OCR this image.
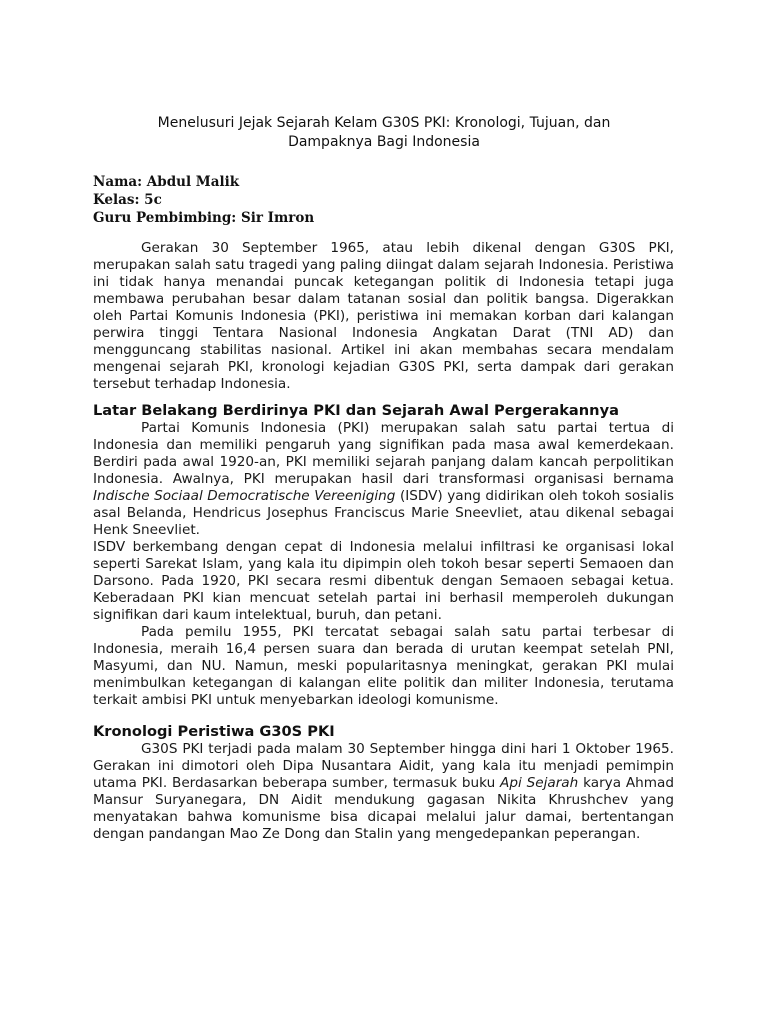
Menelusuri Jejak Sejarah Kelam G30S PKI: Kronologi, Tujuan, dan
Dampaknya Bagi Indonesia
Nama: Abdul Malik
Kelas: 5c
Guru Pembimbing: Sir Imron

Gerakan 30 September 1965, atau lebih dikenal dengan G30S PKI, merupakan salah satu tragedi yang paling diingat dalam sejarah Indonesia. Peristiwa ini tidak hanya menandai puncak ketegangan politik di Indonesia tetapi juga membawa perubahan besar dalam tatanan sosial dan politik bangsa. Digerakkan oleh Partai Komunis Indonesia (PKI), peristiwa ini memakan korban dari kalangan perwira tinggi Tentara Nasional Indonesia Angkatan Darat (TNI AD) dan mengguncang stabilitas nasional. Artikel ini akan membahas secara mendalam mengenai sejarah PKI, kronologi kejadian G30S PKI, serta dampak dari gerakan tersebut terhadap Indonesia.

Latar Belakang Berdirinya PKI dan Sejarah Awal Pergerakannya

Partai Komunis Indonesia (PKI) merupakan salah satu partai tertua di Indonesia dan memiliki pengaruh yang signifikan pada masa awal kemerdekaan. Berdiri pada awal 1920-an, PKI memiliki sejarah panjang dalam kancah perpolitikan Indonesia. Awalnya, PKI merupakan hasil dari transformasi organisasi bernama Indische Sociaal Democratische Vereeniging (ISDV) yang didirikan oleh tokoh sosialis asal Belanda, Hendricus Josephus Franciscus Marie Sneevliet, atau dikenal sebagai Henk Sneevliet.

ISDV berkembang dengan cepat di Indonesia melalui infiltrasi ke organisasi lokal seperti Sarekat Islam, yang kala itu dipimpin oleh tokoh besar seperti Semaoen dan Darsono. Pada 1920, PKI secara resmi dibentuk dengan Semaoen sebagai ketua. Keberadaan PKI kian mencuat setelah partai ini berhasil memperoleh dukungan signifikan dari kaum intelektual, buruh, dan petani.

Pada pemilu 1955, PKI tercatat sebagai salah satu partai terbesar di Indonesia, meraih 16,4 persen suara dan berada di urutan keempat setelah PNI, Masyumi, dan NU. Namun, meski popularitasnya meningkat, gerakan PKI mulai menimbulkan ketegangan di kalangan elite politik dan militer Indonesia, terutama terkait ambisi PKI untuk menyebarkan ideologi komunisme.

Kronologi Peristiwa G30S PKI

G30S PKI terjadi pada malam 30 September hingga dini hari 1 Oktober 1965. Gerakan ini dimotori oleh Dipa Nusantara Aidit, yang kala itu menjadi pemimpin utama PKI. Berdasarkan beberapa sumber, termasuk buku Api Sejarah karya Ahmad Mansur Suryanegara, DN Aidit mendukung gagasan Nikita Khrushchev yang menyatakan bahwa komunisme bisa dicapai melalui jalur damai, bertentangan dengan pandangan Mao Ze Dong dan Stalin yang mengedepankan peperangan.
